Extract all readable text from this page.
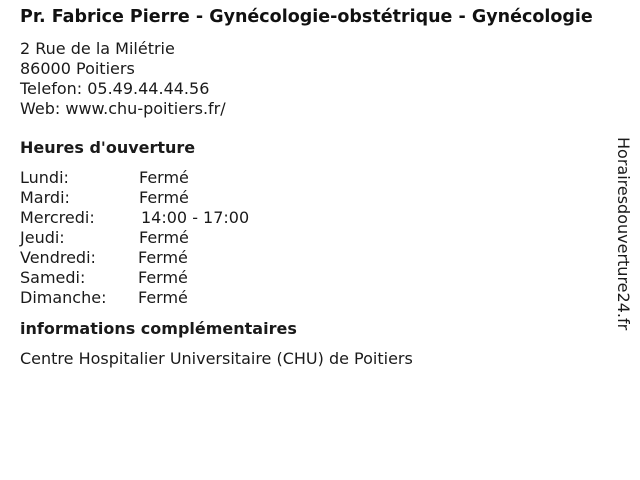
Pr. Fabrice Pierre - Gynécologie-obstétrique - Gynécologie
2 Rue de la Milétrie
86000 Poitiers
Telefon: 05.49.44.44.56
Web: www.chu-poitiers.fr/
Heures d'ouverture
Lundi:	Fermé
Mardi:	Fermé
Mercredi:	14:00 - 17:00
Jeudi:	Fermé
Vendredi:	Fermé
Samedi:	Fermé
Dimanche:	Fermé
informations complémentaires
Centre Hospitalier Universitaire (CHU) de Poitiers
Horairesdouverture24.fr
